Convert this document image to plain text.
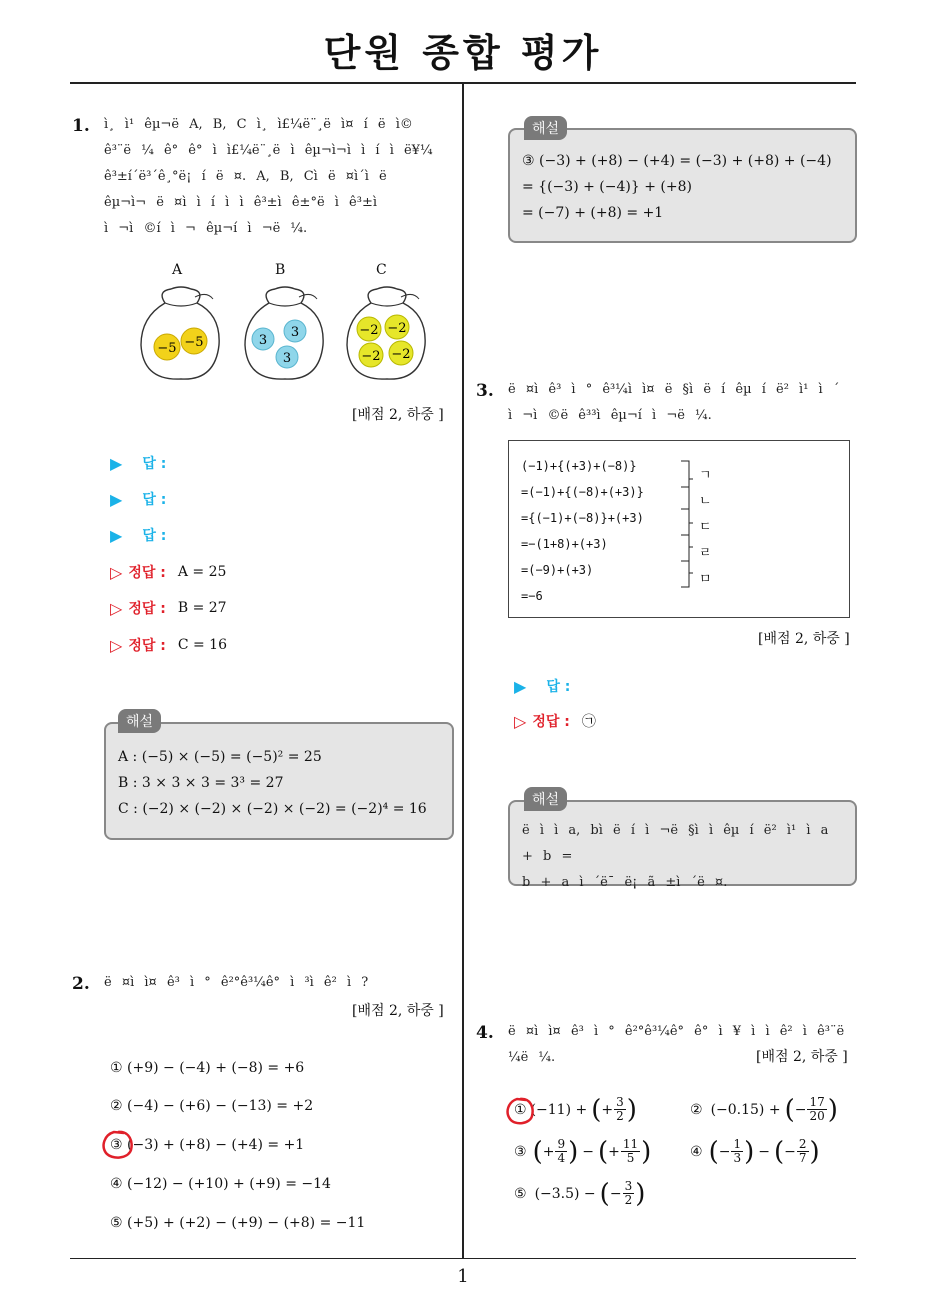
단원 종합 평가
1. ì¸ ì¹ êµ¬ë A, B, C ì¸ ì£¼ë¨¸ë ì¤ í ë ì©
ê³¨ë ¼ ê° ê° ì ì£¼ë¨¸ë ì êµ¬ì¬ì ì í ì ë¥¼
ê³±í´ë³´ê¸°ë¡ í ë ¤. A, B, Cì ë ¤ì´ì ë
êµ¬ì¬ ë ¤ì ì í ì ì ê³±ì ê±°ë ì ê³±ì
ì ¬ì ©í ì ¬ êµ¬í ì ¬ë ¼.
A	B	C
−5 −5	3
3
3
−2 −2
−2 −2
[배점 2, 하중 ]
▶ 답 :
▶ 답 :
▶ 답 :
▷ 정답 : A = 25
▷ 정답 : B = 27
▷ 정답 : C = 16
A : (−5) × (−5) = (−5)² = 25
B : 3 × 3 × 3 = 3³ = 27
C : (−2) × (−2) × (−2) × (−2) = (−2)⁴ = 16
해설
2. ë ¤ì ì¤ ê³ ì ° ê²°ê³¼ê° ì ³ì ê² ì ?
[배점 2, 하중 ]
① (+9) − (−4) + (−8) = +6
② (−4) − (+6) − (−13) = +2
③ (−3) + (+8) − (+4) = +1
④ (−12) − (+10) + (+9) = −14
⑤ (+5) + (+2) − (+9) − (+8) = −11
③ (−3) + (+8) − (+4) = (−3) + (+8) + (−4)
= {(−3) + (−4)} + (+8)
= (−7) + (+8) = +1
해설
3. ë ¤ì ê³ ì ° ê³¼ì ì¤ ë §ì ë í êµ í ë² ì¹ ì ´
ì ¬ì ©ë ê³³ì êµ¬í ì ¬ë ¼.
(−1)+{(+3)+(−8)}
=(−1)+{(−8)+(+3)}
={(−1)+(−8)}+(+3)
=−(1+8)+(+3)
=(−9)+(+3)
=−6
ㄱ
ㄴ
ㄷ
ㄹ
ㅁ
[배점 2, 하중 ]
▶ 답 :
▷ 정답 : ㉠
ë ì ì a, bì ë í ì ¬ë §ì ì êµ í ë² ì¹ ì a + b =
b + a ì ´ë¯ ë¡ ã ±ì ´ë ¤.
해설
4. ë ¤ì ì¤ ê³ ì ° ê²°ê³¼ê° ê° ì ¥ ì ì ê² ì ê³¨ë ¼ë ¼.	[배점 2, 하중 ]
① (−11) + ( + $\frac{3}{2}$ )	② (−0.15) + ( − $\frac{17}{20}$ )
③ ( + $\frac{9}{4}$ ) − ( + $\frac{11}{5}$ )	④ ( − $\frac{1}{3}$ ) − ( − $\frac{2}{7}$ )
⑤ (−3.5) − ( − $\frac{3}{2}$ )
1
